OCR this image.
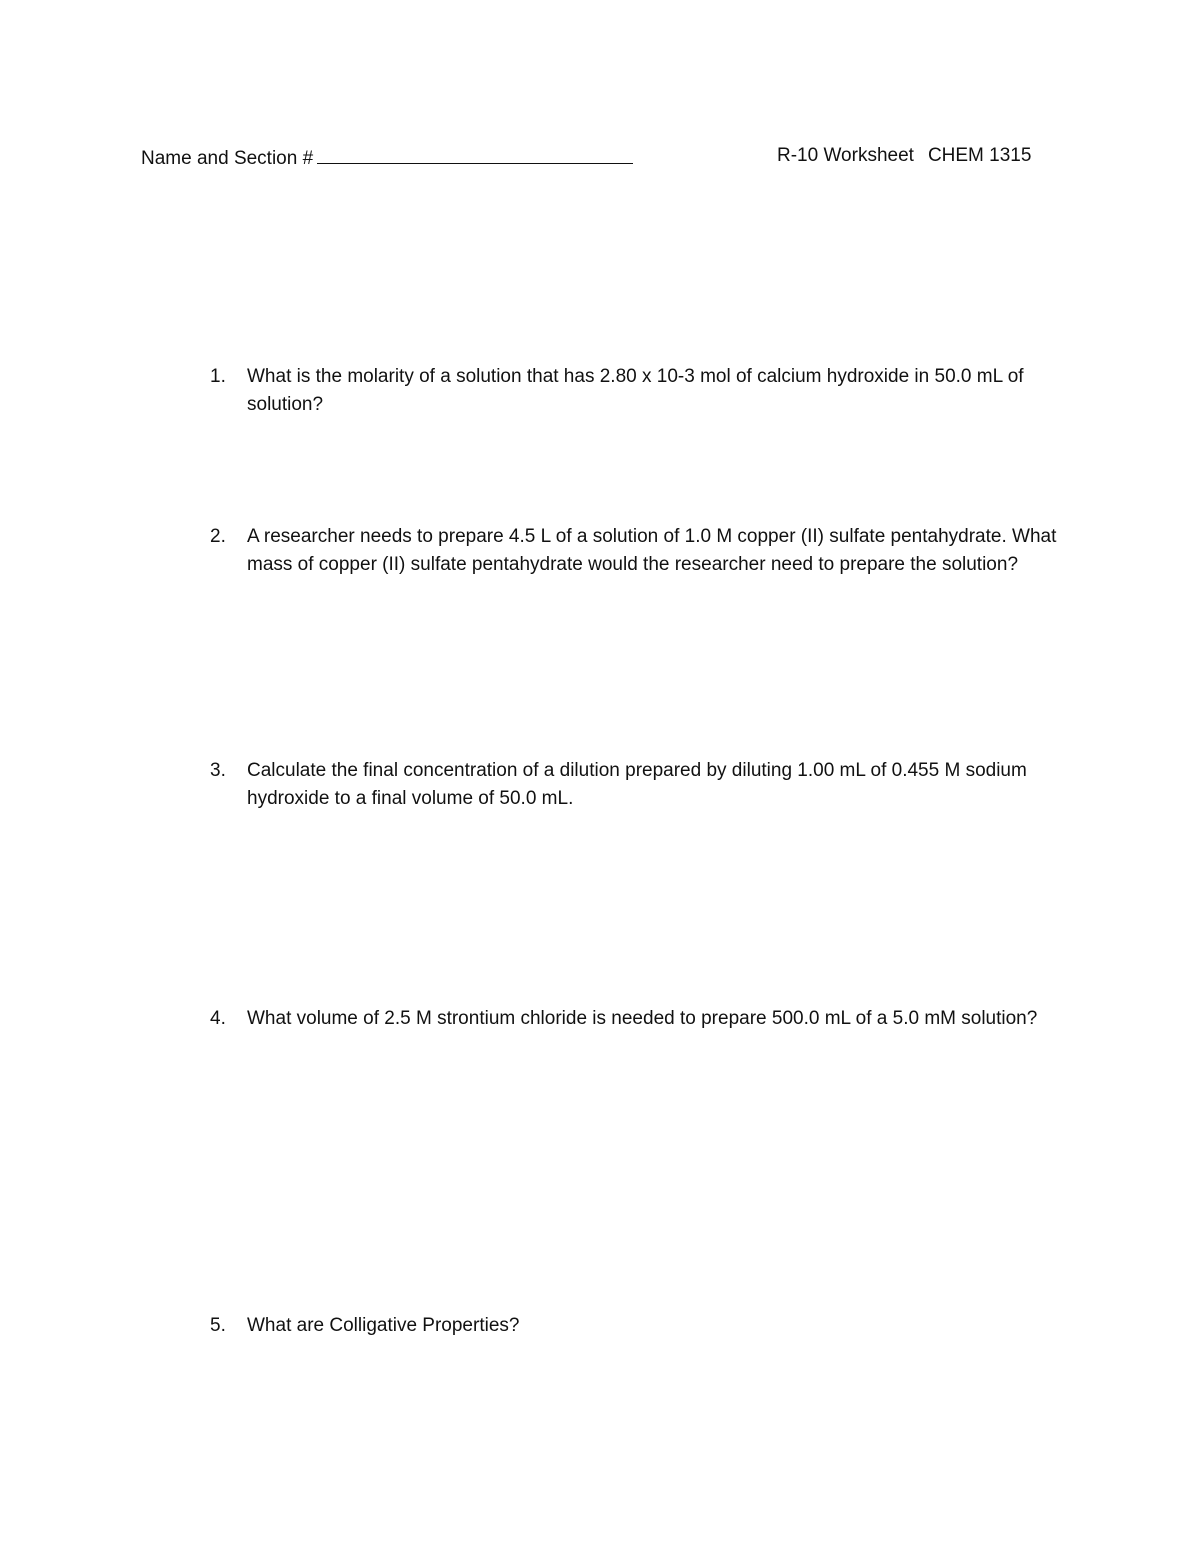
Name and Section #	R-10 Worksheet CHEM 1315
1.	What is the molarity of a solution that has 2.80 x 10-3 mol of calcium hydroxide in 50.0 mL of solution?
2.	A researcher needs to prepare 4.5 L of a solution of 1.0 M copper (II) sulfate pentahydrate. What mass of copper (II) sulfate pentahydrate would the researcher need to prepare the solution?
3.	Calculate the final concentration of a dilution prepared by diluting 1.00 mL of 0.455 M sodium hydroxide to a final volume of 50.0 mL.
4.	What volume of 2.5 M strontium chloride is needed to prepare 500.0 mL of a 5.0 mM solution?
5.	What are Colligative Properties?
